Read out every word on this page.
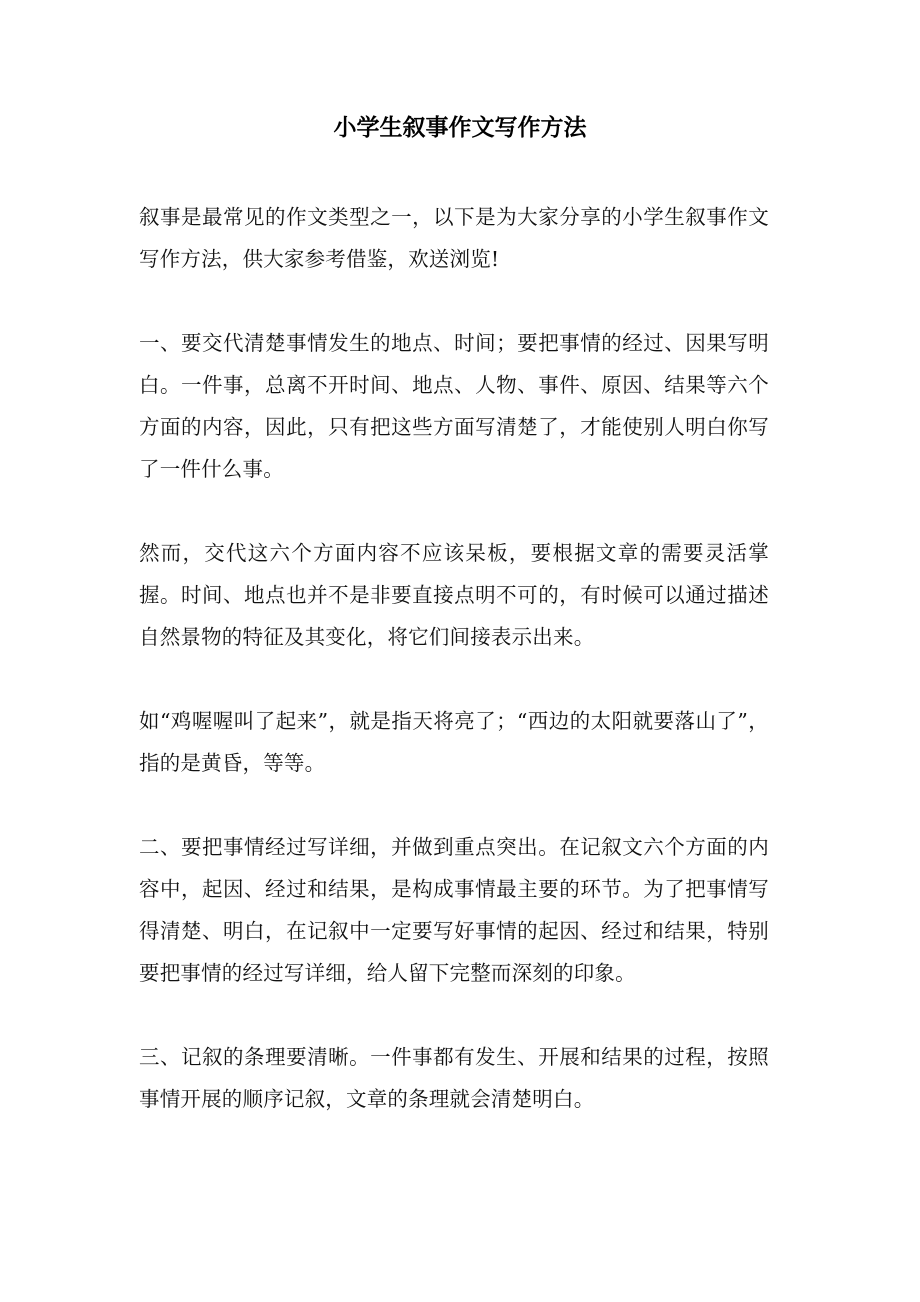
小学生叙事作文写作方法

叙事是最常见的作文类型之一，以下是为大家分享的小学生叙事作文写作方法，供大家参考借鉴，欢送浏览!

一、要交代清楚事情发生的地点、时间；要把事情的经过、因果写明白。一件事，总离不开时间、地点、人物、事件、原因、结果等六个方面的内容，因此，只有把这些方面写清楚了，才能使别人明白你写了一件什么事。

然而，交代这六个方面内容不应该呆板，要根据文章的需要灵活掌握。时间、地点也并不是非要直接点明不可的，有时候可以通过描述自然景物的特征及其变化，将它们间接表示出来。

如“鸡喔喔叫了起来”，就是指天将亮了；“西边的太阳就要落山了”，指的是黄昏，等等。

二、要把事情经过写详细，并做到重点突出。在记叙文六个方面的内容中，起因、经过和结果，是构成事情最主要的环节。为了把事情写得清楚、明白，在记叙中一定要写好事情的起因、经过和结果，特别要把事情的经过写详细，给人留下完整而深刻的印象。

三、记叙的条理要清晰。一件事都有发生、开展和结果的过程，按照事情开展的顺序记叙，文章的条理就会清楚明白。
